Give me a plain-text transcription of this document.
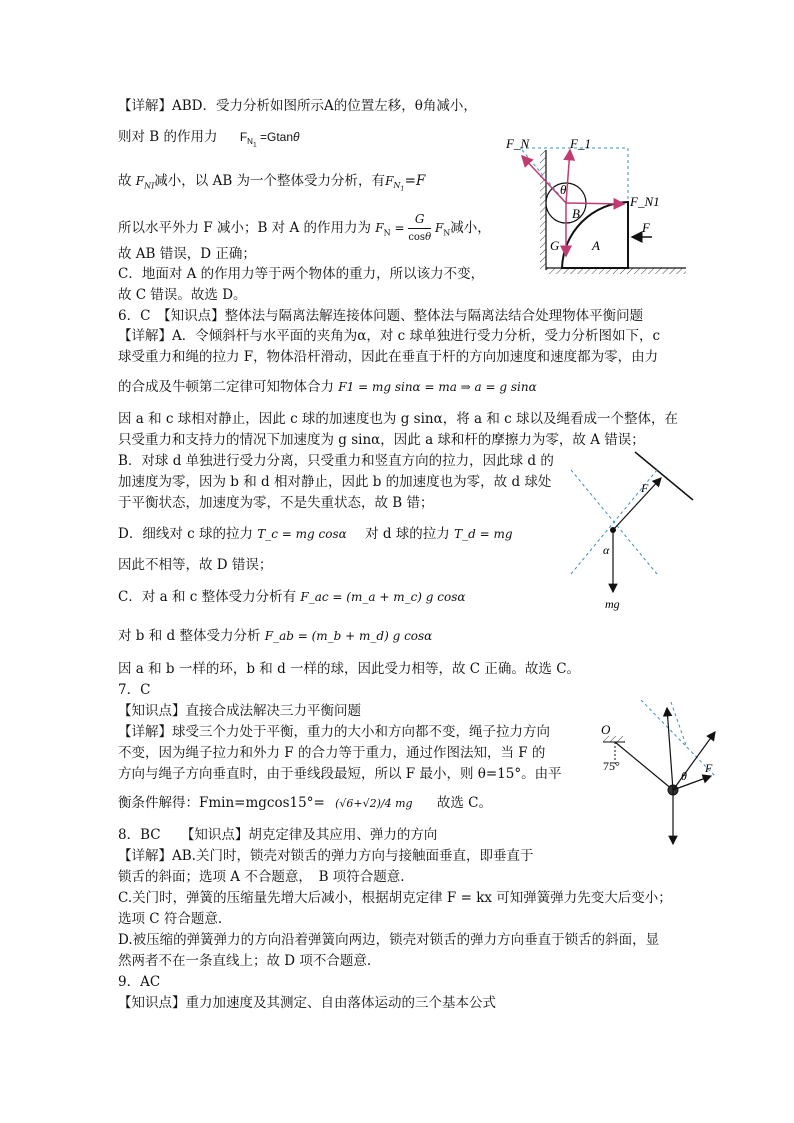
【详解】ABD．受力分析如图所示A的位置左移，θ角减小，
则对 B 的作用力 $F_{N_1} =Gtan\theta$
故 $F_{NI}$减小，以 AB 为一个整体受力分析，有$F_{N_1}=F$
所以水平外力 F 减小；B 对 A 的作用力为 $F_N$ =
G
cosθ
$F_N$减小，
故 AB 错误，D 正确；
C．地面对 A 的作用力等于两个物体的重力，所以该力不变，
故 C 错误。故选 D。
6．C　【知识点】整体法与隔离法解连接体问题、整体法与隔离法结合处理物体平衡问题
【详解】A．令倾斜杆与水平面的夹角为α，对 c 球单独进行受力分析，受力分析图如下，c
球受重力和绳的拉力 F，物体沿杆滑动，因此在垂直于杆的方向加速度和速度都为零，由力
的合成及牛顿第二定律可知物体合力 F1 = mg sinα = ma ⇒ a = g sinα
因 a 和 c 球相对静止，因此 c 球的加速度也为 g sinα，将 a 和 c 球以及绳看成一个整体，在
只受重力和支持力的情况下加速度为 g sinα，因此 a 球和杆的摩擦力为零，故 A 错误；
B．对球 d 单独进行受力分离，只受重力和竖直方向的拉力，因此球 d 的
加速度为零，因为 b 和 d 相对静止，因此 b 的加速度也为零，故 d 球处
于平衡状态，加速度为零，不是失重状态，故 B 错；
D．细线对 c 球的拉力 T_c = mg cosα 对 d 球的拉力 T_d = mg
因此不相等，故 D 错误；
C．对 a 和 c 整体受力分析有 F_ac = (m_a + m_c) g cosα
对 b 和 d 整体受力分析 F_ab = (m_b + m_d) g cosα
因 a 和 b 一样的环，b 和 d 一样的球，因此受力相等，故 C 正确。故选 C。
7．C
【知识点】直接合成法解决三力平衡问题
【详解】球受三个力处于平衡，重力的大小和方向都不变，绳子拉力方向
不变，因为绳子拉力和外力 F 的合力等于重力，通过作图法知，当 F 的
方向与绳子方向垂直时，由于垂线段最短，所以 F 最小，则 θ=15°。由平
衡条件解得：Fmin=mgcos15°= (√6+√2)/4 mg 故选 C。
8．BC　　【知识点】胡克定律及其应用、弹力的方向
【详解】AB.关门时，锁壳对锁舌的弹力方向与接触面垂直，即垂直于
锁舌的斜面；选项 A 不合题意，　B 项符合题意.
C.关门时，弹簧的压缩量先增大后减小，根据胡克定律 F = kx 可知弹簧弹力先变大后变小；
选项 C 符合题意.
D.被压缩的弹簧弹力的方向沿着弹簧向两边，锁壳对锁舌的弹力方向垂直于锁舌的斜面，显
然两者不在一条直线上；故 D 项不合题意.
9．AC
【知识点】重力加速度及其测定、自由落体运动的三个基本公式
F_N	F_1
F_N1
θ
B
A
G
F
F
α
mg
O
75°
θ
F
